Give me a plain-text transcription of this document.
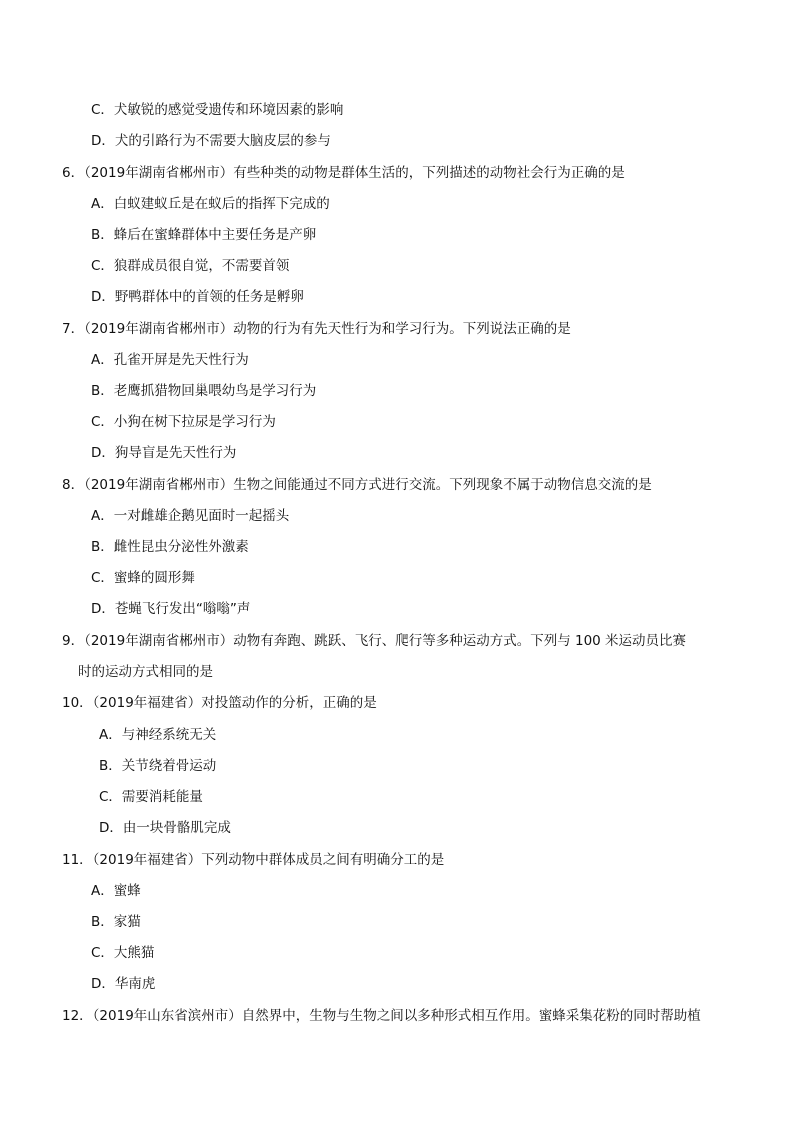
C．犬敏锐的感觉受遗传和环境因素的影响
D．犬的引路行为不需要大脑皮层的参与
6．（2019年湖南省郴州市）有些种类的动物是群体生活的，下列描述的动物社会行为正确的是
A．白蚁建蚁丘是在蚁后的指挥下完成的
B．蜂后在蜜蜂群体中主要任务是产卵
C．狼群成员很自觉，不需要首领
D．野鸭群体中的首领的任务是孵卵
7．（2019年湖南省郴州市）动物的行为有先天性行为和学习行为。下列说法正确的是
A．孔雀开屏是先天性行为
B．老鹰抓猎物回巢喂幼鸟是学习行为
C．小狗在树下拉尿是学习行为
D．狗导盲是先天性行为
8．（2019年湖南省郴州市）生物之间能通过不同方式进行交流。下列现象不属于动物信息交流的是
A．一对雌雄企鹅见面时一起摇头
B．雌性昆虫分泌性外激素
C．蜜蜂的圆形舞
D．苍蝇飞行发出“嗡嗡”声
9．（2019年湖南省郴州市）动物有奔跑、跳跃、飞行、爬行等多种运动方式。下列与 100 米运动员比赛
时的运动方式相同的是
10．（2019年福建省）对投篮动作的分析，正确的是
A．与神经系统无关
B．关节绕着骨运动
C．需要消耗能量
D．由一块骨骼肌完成
11．（2019年福建省）下列动物中群体成员之间有明确分工的是
A．蜜蜂
B．家猫
C．大熊猫
D．华南虎
12．（2019年山东省滨州市）自然界中，生物与生物之间以多种形式相互作用。蜜蜂采集花粉的同时帮助植
